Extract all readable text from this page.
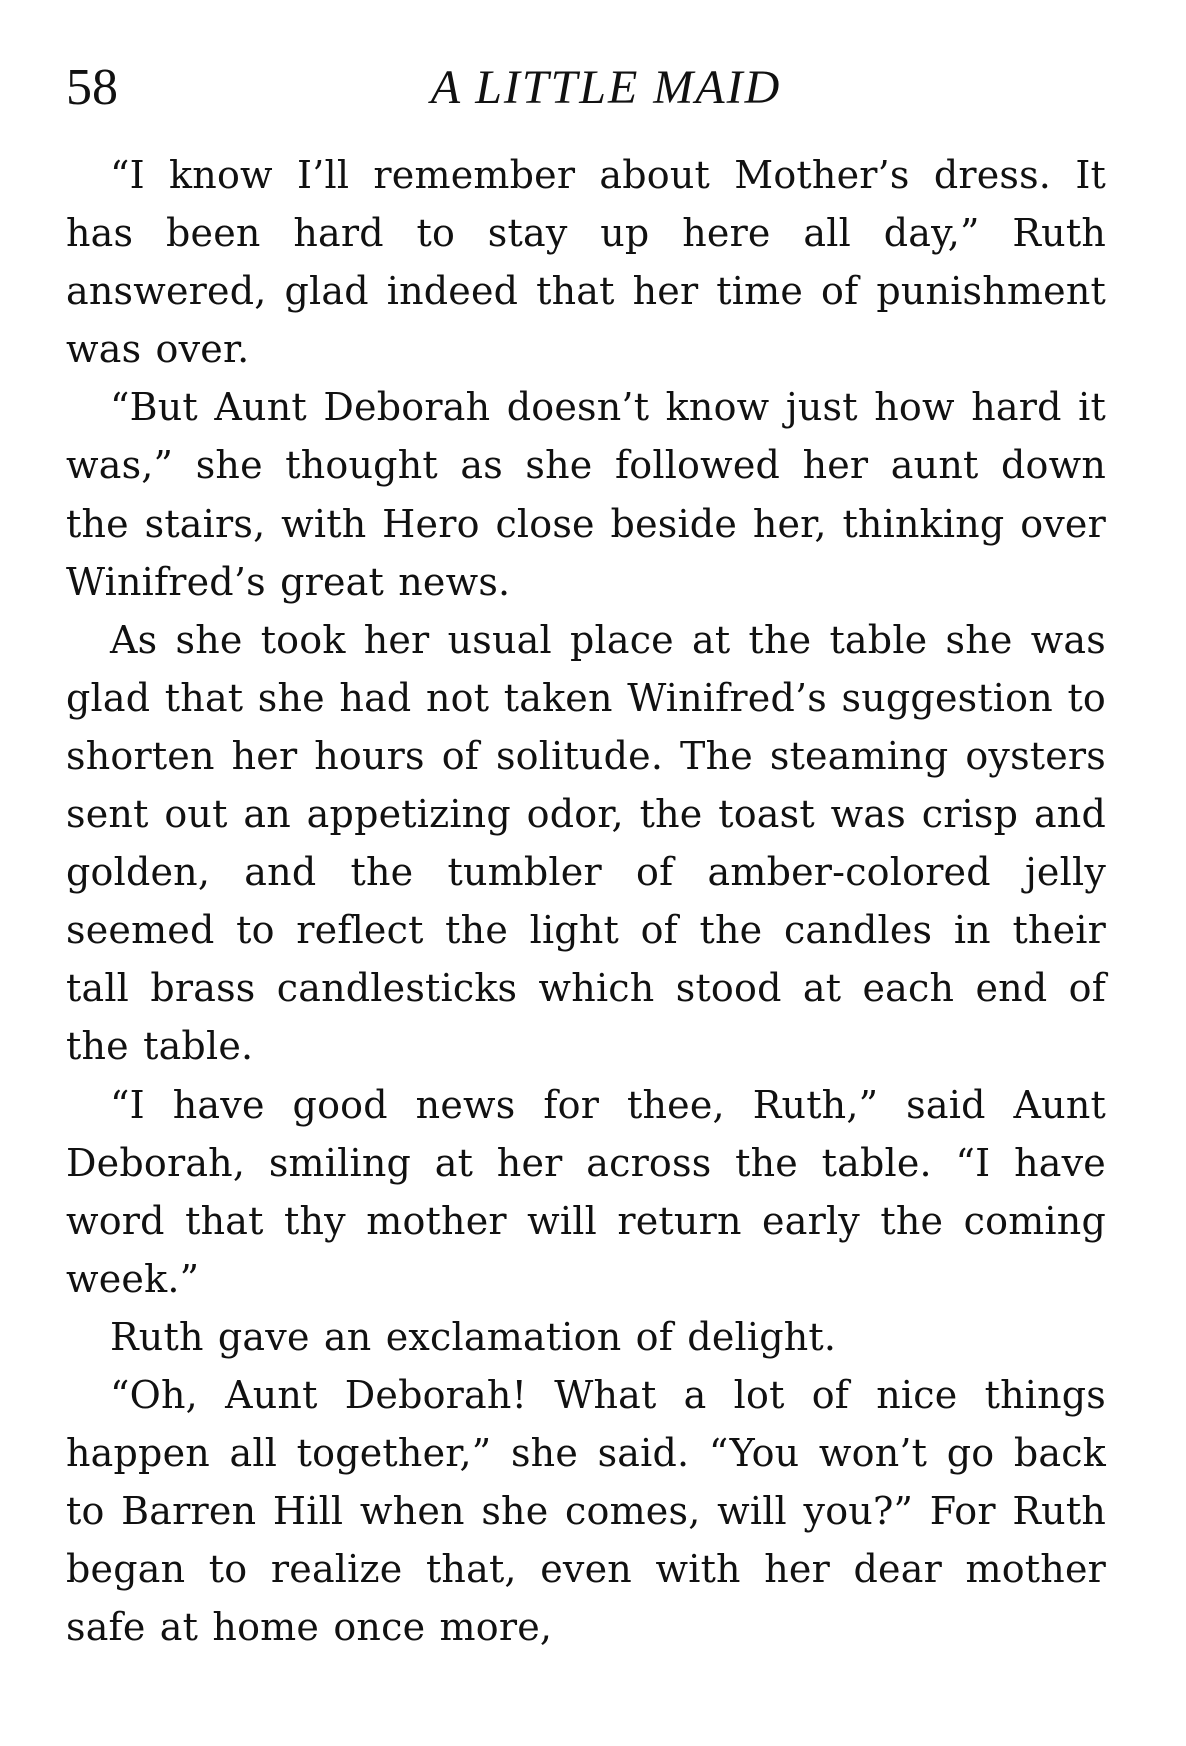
58	A LITTLE MAID

“I know I’ll remember about Mother’s dress. It has been hard to stay up here all day,” Ruth answered, glad indeed that her time of punishment was over.

“But Aunt Deborah doesn’t know just how hard it was,” she thought as she followed her aunt down the stairs, with Hero close beside her, thinking over Winifred’s great news.

As she took her usual place at the table she was glad that she had not taken Winifred’s suggestion to shorten her hours of solitude. The steaming oysters sent out an appetizing odor, the toast was crisp and golden, and the tumbler of amber-colored jelly seemed to reflect the light of the candles in their tall brass candlesticks which stood at each end of the table.

“I have good news for thee, Ruth,” said Aunt Deborah, smiling at her across the table. “I have word that thy mother will return early the coming week.”

Ruth gave an exclamation of delight.

“Oh, Aunt Deborah! What a lot of nice things happen all together,” she said. “You won’t go back to Barren Hill when she comes, will you?” For Ruth began to realize that, even with her dear mother safe at home once more,
